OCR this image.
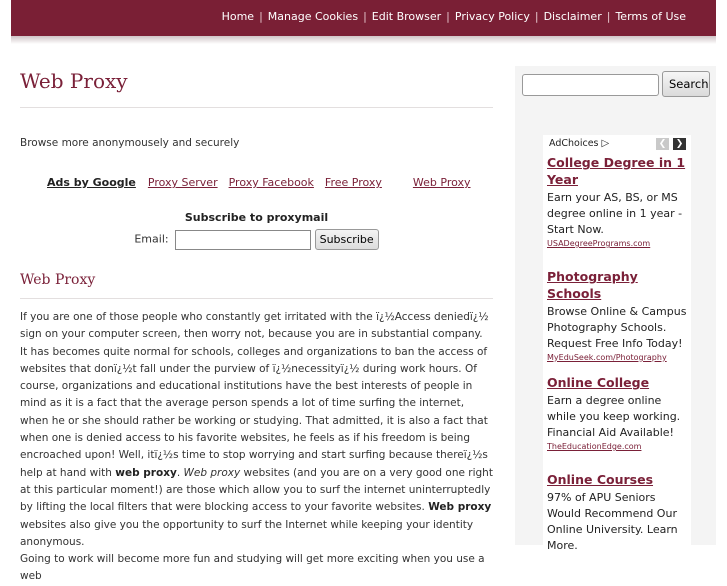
Home | Manage Cookies | Edit Browser | Privacy Policy | Disclaimer | Terms of Use
Web Proxy
Browse more anonymousely and securely
Ads by Google Proxy Server Proxy Facebook Free Proxy	Web Proxy
Subscribe to proxymail
Email:	Subscribe
Web Proxy
If you are one of those people who constantly get irritated with the ï¿½Access deniedï¿½ sign on your computer screen, then worry not, because you are in substantial company. It has becomes quite normal for schools, colleges and organizations to ban the access of websites that donï¿½t fall under the purview of ï¿½necessityï¿½ during work hours. Of course, organizations and educational institutions have the best interests of people in mind as it is a fact that the average person spends a lot of time surfing the internet, when he or she should rather be working or studying. That admitted, it is also a fact that when one is denied access to his favorite websites, he feels as if his freedom is being encroached upon! Well, itï¿½s time to stop worrying and start surfing because thereï¿½s help at hand with web proxy. Web proxy websites (and you are on a very good one right at this particular moment!) are those which allow you to surf the internet uninterruptedly by lifting the local filters that were blocking access to your favorite websites. Web proxy websites also give you the opportunity to surf the Internet while keeping your identity anonymous.
Going to work will become more fun and studying will get more exciting when you use a web
Search
AdChoices ▷	❮	❯
College Degree in 1 Year
Earn your AS, BS, or MS degree online in 1 year - Start Now.
USADegreePrograms.com
Photography Schools
Browse Online & Campus Photography Schools. Request Free Info Today!
MyEduSeek.com/Photography
Online College
Earn a degree online while you keep working. Financial Aid Available!
TheEducationEdge.com
Online Courses
97% of APU Seniors Would Recommend Our Online University. Learn More.
